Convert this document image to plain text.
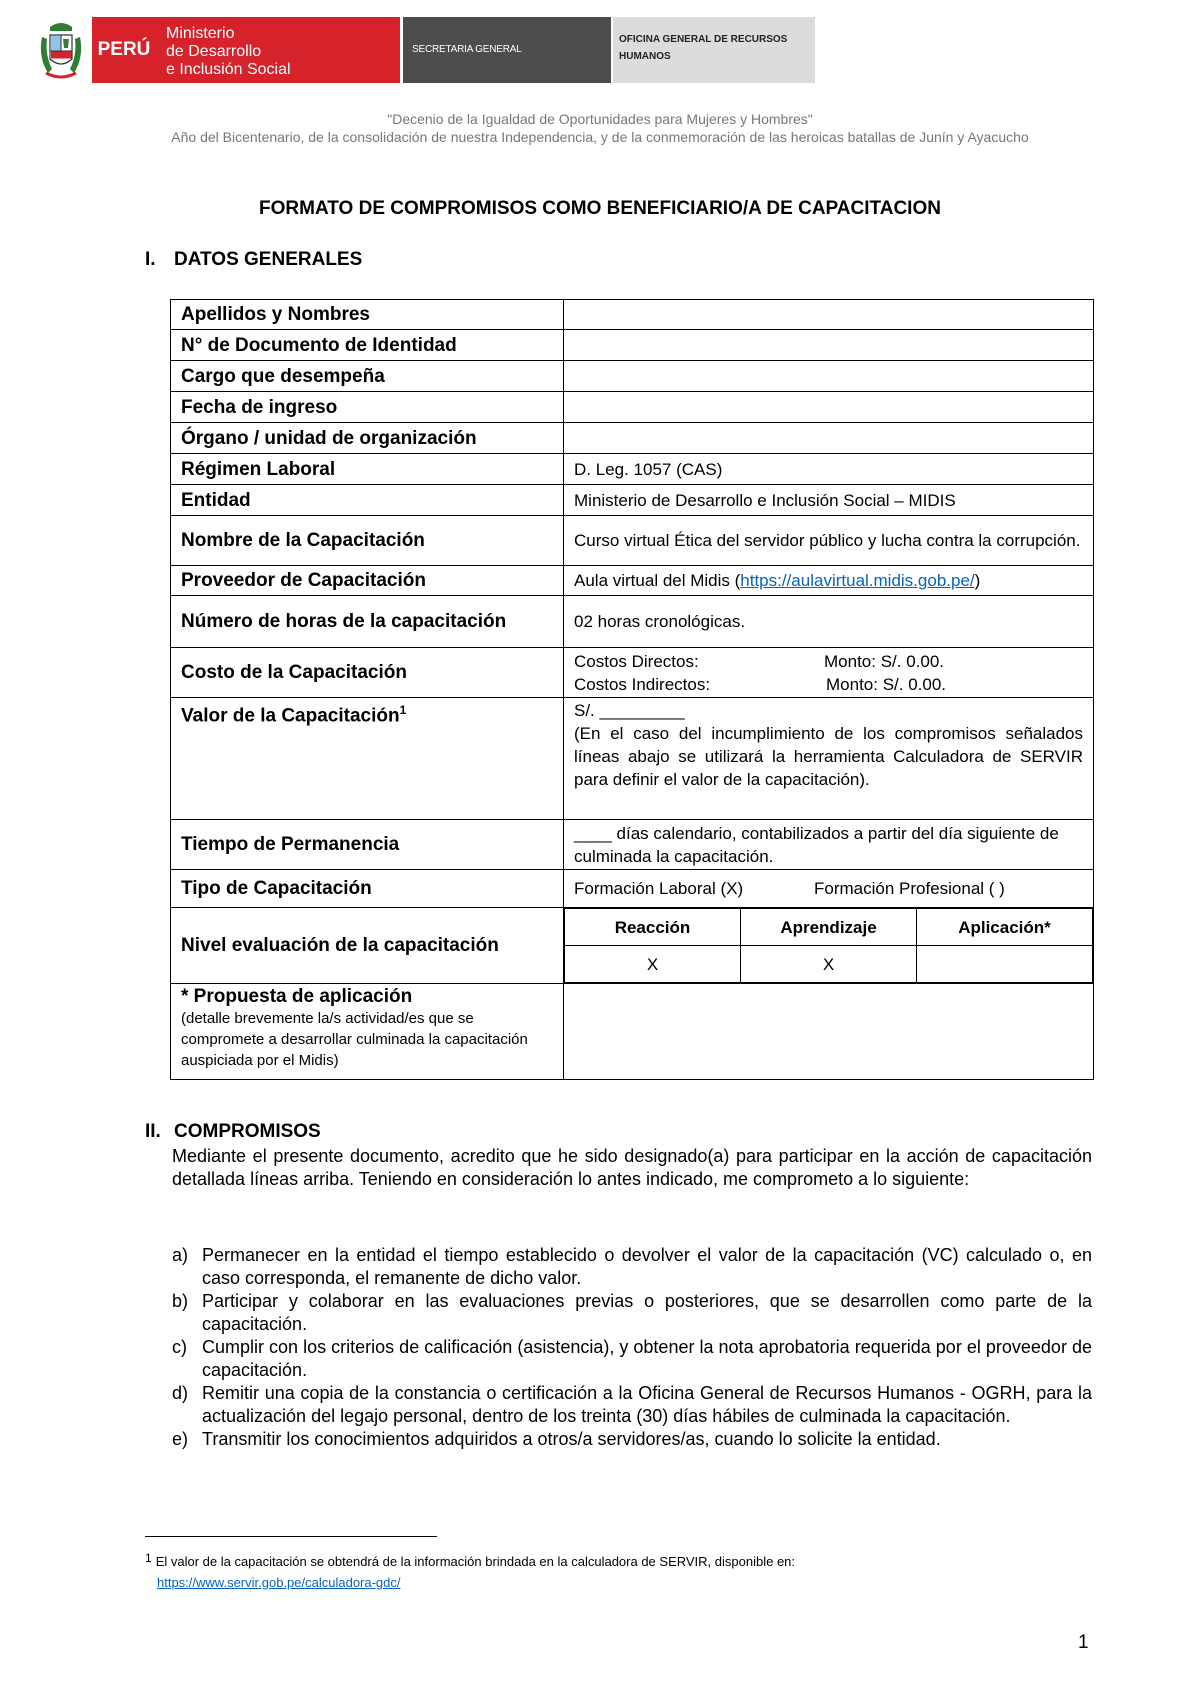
PERÚ
Ministerio
de Desarrollo
e Inclusión Social
SECRETARIA GENERAL
OFICINA GENERAL DE RECURSOS
HUMANOS
"Decenio de la Igualdad de Oportunidades para Mujeres y Hombres"
Año del Bicentenario, de la consolidación de nuestra Independencia, y de la conmemoración de las heroicas batallas de Junín y Ayacucho
FORMATO DE COMPROMISOS COMO BENEFICIARIO/A DE CAPACITACION
I. DATOS GENERALES
Apellidos y Nombres	
N° de Documento de Identidad	
Cargo que desempeña	
Fecha de ingreso	
Órgano / unidad de organización	
Régimen Laboral	D. Leg. 1057 (CAS)
Entidad	Ministerio de Desarrollo e Inclusión Social – MIDIS
Nombre de la Capacitación	Curso virtual Ética del servidor público y lucha contra la corrupción.
Proveedor de Capacitación	Aula virtual del Midis (https://aulavirtual.midis.gob.pe/)
Número de horas de la capacitación	02 horas cronológicas.
Costo de la Capacitación	
Costos Directos:	Monto: S/. 0.00.
Costos Indirectos:	Monto: S/. 0.00.

Valor de la Capacitación$^1$	S/. _________
(En el caso del incumplimiento de los compromisos señalados líneas abajo se utilizará la herramienta Calculadora de SERVIR para definir el valor de la capacitación).

Tiempo de Permanencia	____ días calendario, contabilizados a partir del día siguiente de culminada la capacitación.
Tipo de Capacitación	Formación Laboral (X)	Formación Profesional ( )
Nivel evaluación de la capacitación	
Reacción	Aprendizaje	Aplicación*
X	X	

* Propuesta de aplicación
(detalle brevemente la/s actividad/es que se compromete a desarrollar culminada la capacitación auspiciada por el Midis)

II. COMPROMISOS
Mediante el presente documento, acredito que he sido designado(a) para participar en la acción de capacitación detallada líneas arriba. Teniendo en consideración lo antes indicado, me comprometo a lo siguiente:
a) Permanecer en la entidad el tiempo establecido o devolver el valor de la capacitación (VC) calculado o, en caso corresponda, el remanente de dicho valor.
b) Participar y colaborar en las evaluaciones previas o posteriores, que se desarrollen como parte de la capacitación.
c) Cumplir con los criterios de calificación (asistencia), y obtener la nota aprobatoria requerida por el proveedor de capacitación.
d) Remitir una copia de la constancia o certificación a la Oficina General de Recursos Humanos - OGRH, para la actualización del legajo personal, dentro de los treinta (30) días hábiles de culminada la capacitación.
e) Transmitir los conocimientos adquiridos a otros/a servidores/as, cuando lo solicite la entidad.
1 El valor de la capacitación se obtendrá de la información brindada en la calculadora de SERVIR, disponible en:
https://www.servir.gob.pe/calculadora-gdc/
1
